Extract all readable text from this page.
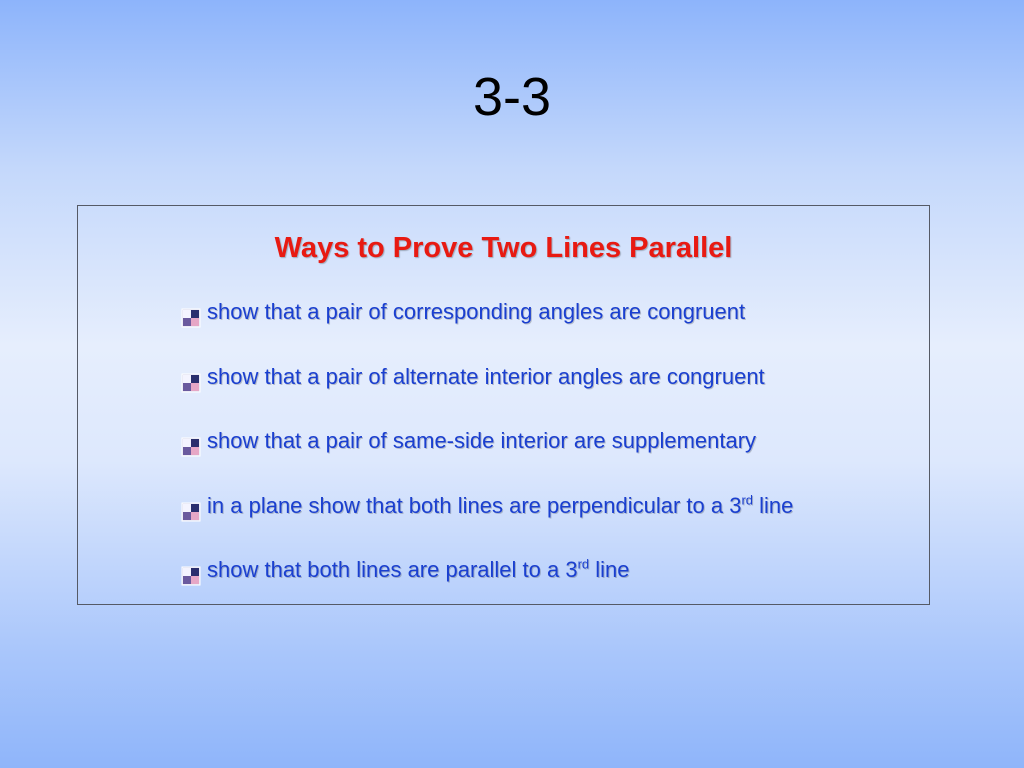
3-3
Ways to Prove Two Lines Parallel
show that a pair of corresponding angles are congruent
show that a pair of alternate interior angles are congruent
show that a pair of same-side interior are supplementary
in a plane show that both lines are perpendicular to a 3rd line
show that both lines are parallel to a 3rd line
